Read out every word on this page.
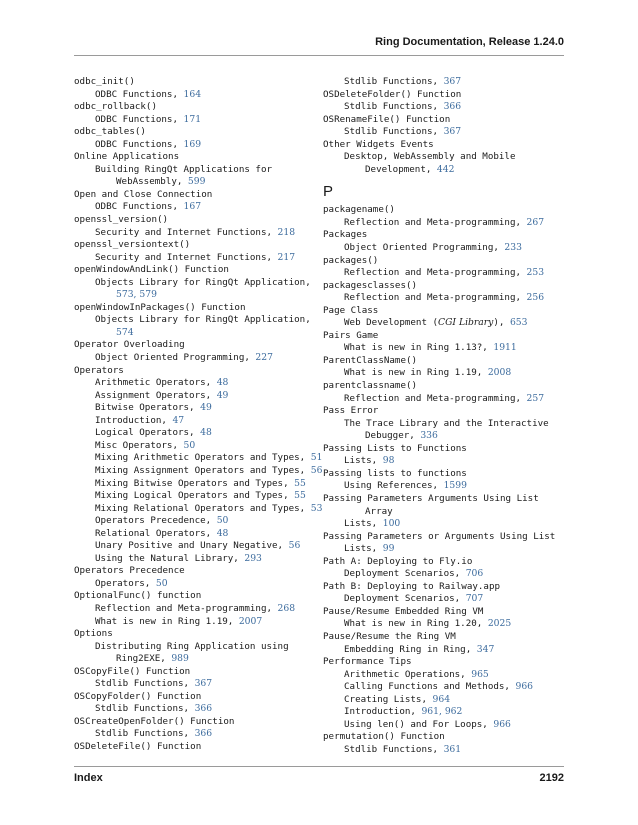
Ring Documentation, Release 1.24.0
odbc_init()
ODBC Functions, 164
odbc_rollback()
ODBC Functions, 171
odbc_tables()
ODBC Functions, 169
Online Applications
Building RingQt Applications for
WebAssembly, 599
Open and Close Connection
ODBC Functions, 167
openssl_version()
Security and Internet Functions, 218
openssl_versiontext()
Security and Internet Functions, 217
openWindowAndLink() Function
Objects Library for RingQt Application,
573, 579
openWindowInPackages() Function
Objects Library for RingQt Application,
574
Operator Overloading
Object Oriented Programming, 227
Operators
Arithmetic Operators, 48
Assignment Operators, 49
Bitwise Operators, 49
Introduction, 47
Logical Operators, 48
Misc Operators, 50
Mixing Arithmetic Operators and Types, 51
Mixing Assignment Operators and Types, 56
Mixing Bitwise Operators and Types, 55
Mixing Logical Operators and Types, 55
Mixing Relational Operators and Types, 53
Operators Precedence, 50
Relational Operators, 48
Unary Positive and Unary Negative, 56
Using the Natural Library, 293
Operators Precedence
Operators, 50
OptionalFunc() function
Reflection and Meta-programming, 268
What is new in Ring 1.19, 2007
Options
Distributing Ring Application using
Ring2EXE, 989
OSCopyFile() Function
Stdlib Functions, 367
OSCopyFolder() Function
Stdlib Functions, 366
OSCreateOpenFolder() Function
Stdlib Functions, 366
OSDeleteFile() Function
Stdlib Functions, 367
OSDeleteFolder() Function
Stdlib Functions, 366
OSRenameFile() Function
Stdlib Functions, 367
Other Widgets Events
Desktop, WebAssembly and Mobile
Development, 442
P
packagename()
Reflection and Meta-programming, 267
Packages
Object Oriented Programming, 233
packages()
Reflection and Meta-programming, 253
packagesclasses()
Reflection and Meta-programming, 256
Page Class
Web Development (CGI Library), 653
Pairs Game
What is new in Ring 1.13?, 1911
ParentClassName()
What is new in Ring 1.19, 2008
parentclassname()
Reflection and Meta-programming, 257
Pass Error
The Trace Library and the Interactive
Debugger, 336
Passing Lists to Functions
Lists, 98
Passing lists to functions
Using References, 1599
Passing Parameters Arguments Using List
Array
Lists, 100
Passing Parameters or Arguments Using List
Lists, 99
Path A: Deploying to Fly.io
Deployment Scenarios, 706
Path B: Deploying to Railway.app
Deployment Scenarios, 707
Pause/Resume Embedded Ring VM
What is new in Ring 1.20, 2025
Pause/Resume the Ring VM
Embedding Ring in Ring, 347
Performance Tips
Arithmetic Operations, 965
Calling Functions and Methods, 966
Creating Lists, 964
Introduction, 961, 962
Using len() and For Loops, 966
permutation() Function
Stdlib Functions, 361
Index	2192
